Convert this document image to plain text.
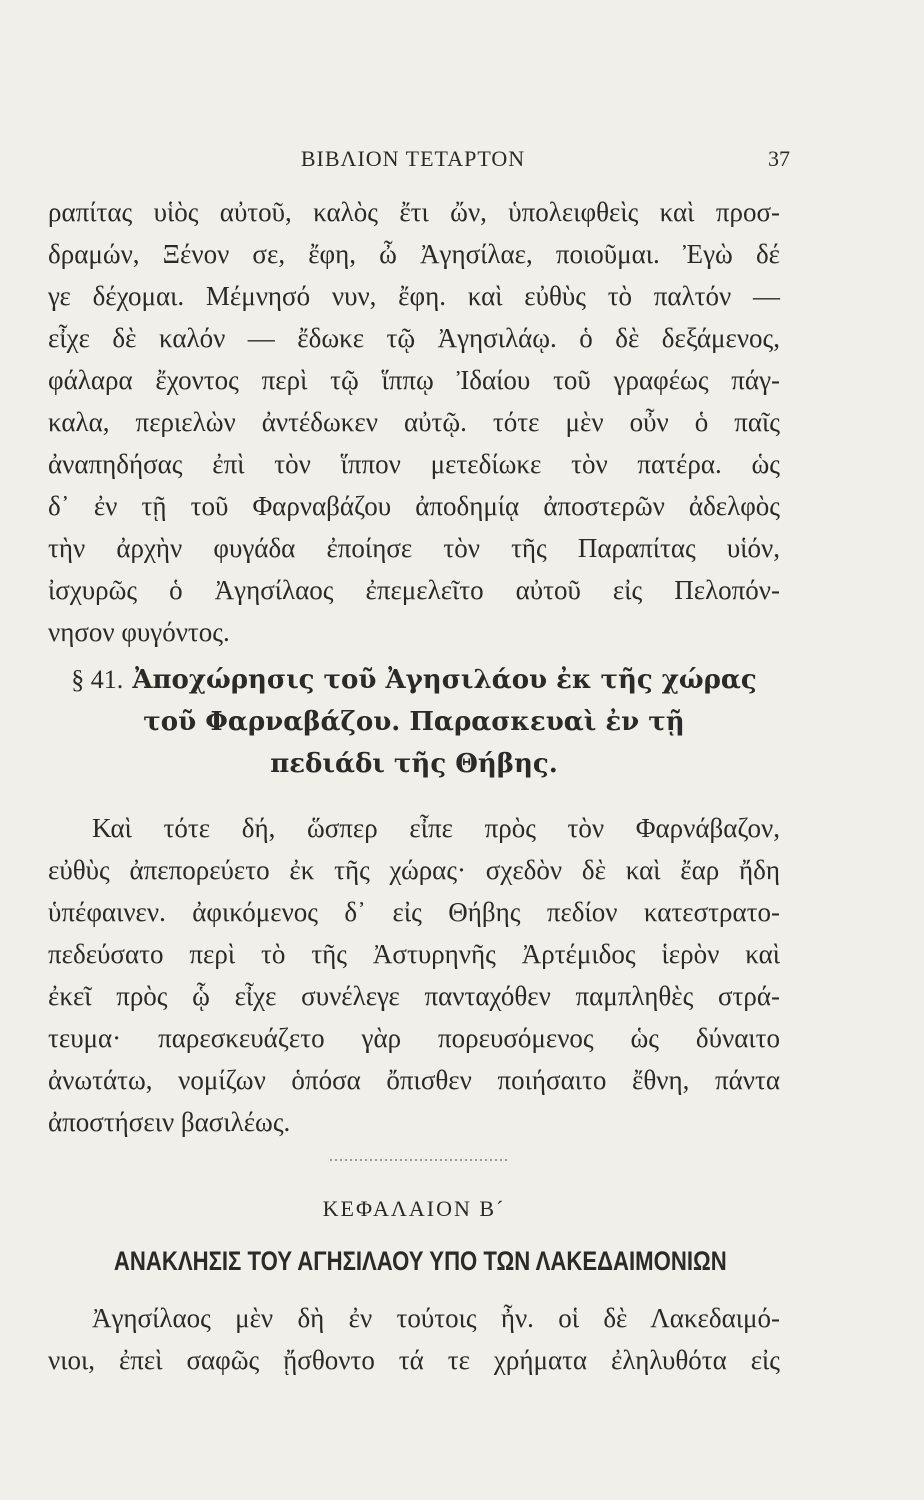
ΒΙΒΛΙΟΝ ΤΕΤΑΡΤΟΝ	37

ραπίτας υἱὸς αὐτοῦ, καλὸς ἔτι ὤν, ὑπολειφθεὶς καὶ προσ-

δραμών, Ξένον σε, ἔφη, ὦ Ἀγησίλαε, ποιοῦμαι. Ἐγὼ δέ

γε δέχομαι. Μέμνησό νυν, ἔφη. καὶ εὐθὺς τὸ παλτόν —

εἶχε δὲ καλόν — ἔδωκε τῷ Ἀγησιλάῳ. ὁ δὲ δεξάμενος,

φάλαρα ἔχοντος περὶ τῷ ἵππῳ Ἰδαίου τοῦ γραφέως πάγ-

καλα, περιελὼν ἀντέδωκεν αὐτῷ. τότε μὲν οὖν ὁ παῖς

ἀναπηδήσας ἐπὶ τὸν ἵππον μετεδίωκε τὸν πατέρα. ὡς

δ᾽ ἐν τῇ τοῦ Φαρναβάζου ἀποδημίᾳ ἀποστερῶν ἀδελφὸς

τὴν ἀρχὴν φυγάδα ἐποίησε τὸν τῆς Παραπίτας υἱόν,

ἰσχυρῶς ὁ Ἀγησίλαος ἐπεμελεῖτο αὐτοῦ εἰς Πελοπόν-

νησον φυγόντος.

§ 41. Ἀποχώρησις τοῦ Ἀγησιλάου ἐκ τῆς χώρας
τοῦ Φαρναβάζου. Παρασκευαὶ ἐν τῇ
πεδιάδι τῆς Θήβης.

Καὶ τότε δή, ὥσπερ εἶπε πρὸς τὸν Φαρνάβαζον,

εὐθὺς ἀπεπορεύετο ἐκ τῆς χώρας· σχεδὸν δὲ καὶ ἔαρ ἤδη

ὑπέφαινεν. ἀφικόμενος δ᾽ εἰς Θήβης πεδίον κατεστρατο-

πεδεύσατο περὶ τὸ τῆς Ἀστυρηνῆς Ἀρτέμιδος ἱερὸν καὶ

ἐκεῖ πρὸς ᾧ εἶχε συνέλεγε πανταχόθεν παμπληθὲς στρά-

τευμα· παρεσκευάζετο γὰρ πορευσόμενος ὡς δύναιτο

ἀνωτάτω, νομίζων ὁπόσα ὄπισθεν ποιήσαιτο ἔθνη, πάντα

ἀποστήσειν βασιλέως.

ΚΕΦΑΛΑΙΟΝ Β´
ΑΝΑΚΛΗΣΙΣ ΤΟΥ ΑΓΗΣΙΛΑΟΥ ΥΠΟ ΤΩΝ ΛΑΚΕΔΑΙΜΟΝΙΩΝ

Ἀγησίλαος μὲν δὴ ἐν τούτοις ἦν. οἱ δὲ Λακεδαιμό-

νιοι, ἐπεὶ σαφῶς ᾔσθοντο τά τε χρήματα ἐληλυθότα εἰς
